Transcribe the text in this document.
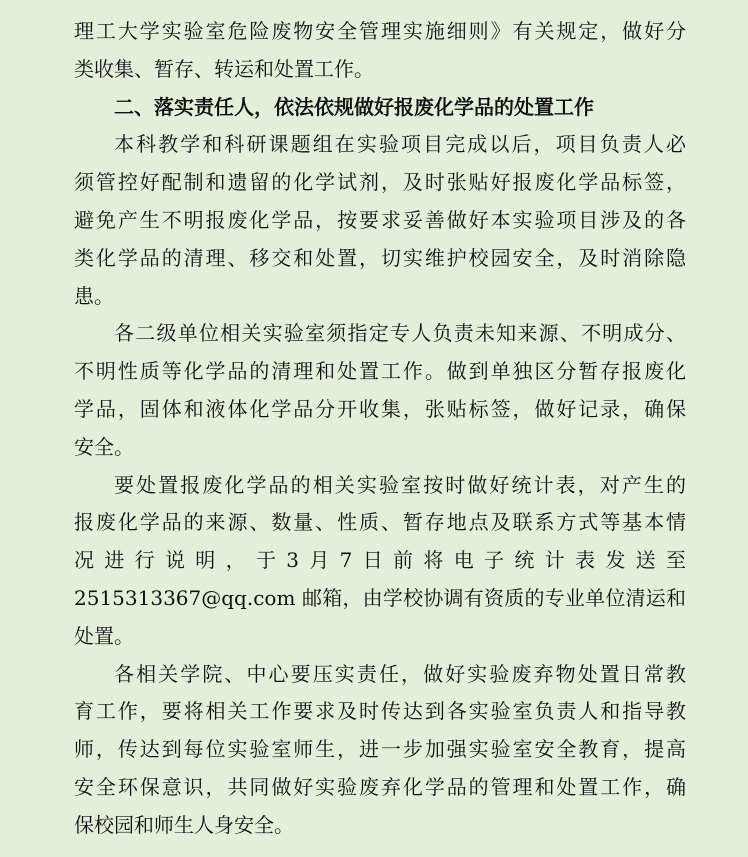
理工大学实验室危险废物安全管理实施细则》有关规定，做好分
类收集、暂存、转运和处置工作。
二、落实责任人，依法依规做好报废化学品的处置工作
本科教学和科研课题组在实验项目完成以后，项目负责人必
须管控好配制和遗留的化学试剂，及时张贴好报废化学品标签，
避免产生不明报废化学品，按要求妥善做好本实验项目涉及的各
类化学品的清理、移交和处置，切实维护校园安全，及时消除隐
患。
各二级单位相关实验室须指定专人负责未知来源、不明成分、
不明性质等化学品的清理和处置工作。做到单独区分暂存报废化
学品，固体和液体化学品分开收集，张贴标签，做好记录，确保
安全。
要处置报废化学品的相关实验室按时做好统计表，对产生的
报废化学品的来源、数量、性质、暂存地点及联系方式等基本情
况进行说明，于3月7日前将电子统计表发送至
2515313367@qq.com 邮箱，由学校协调有资质的专业单位清运和
处置。
各相关学院、中心要压实责任，做好实验废弃物处置日常教
育工作，要将相关工作要求及时传达到各实验室负责人和指导教
师，传达到每位实验室师生，进一步加强实验室安全教育，提高
安全环保意识，共同做好实验废弃化学品的管理和处置工作，确
保校园和师生人身安全。
